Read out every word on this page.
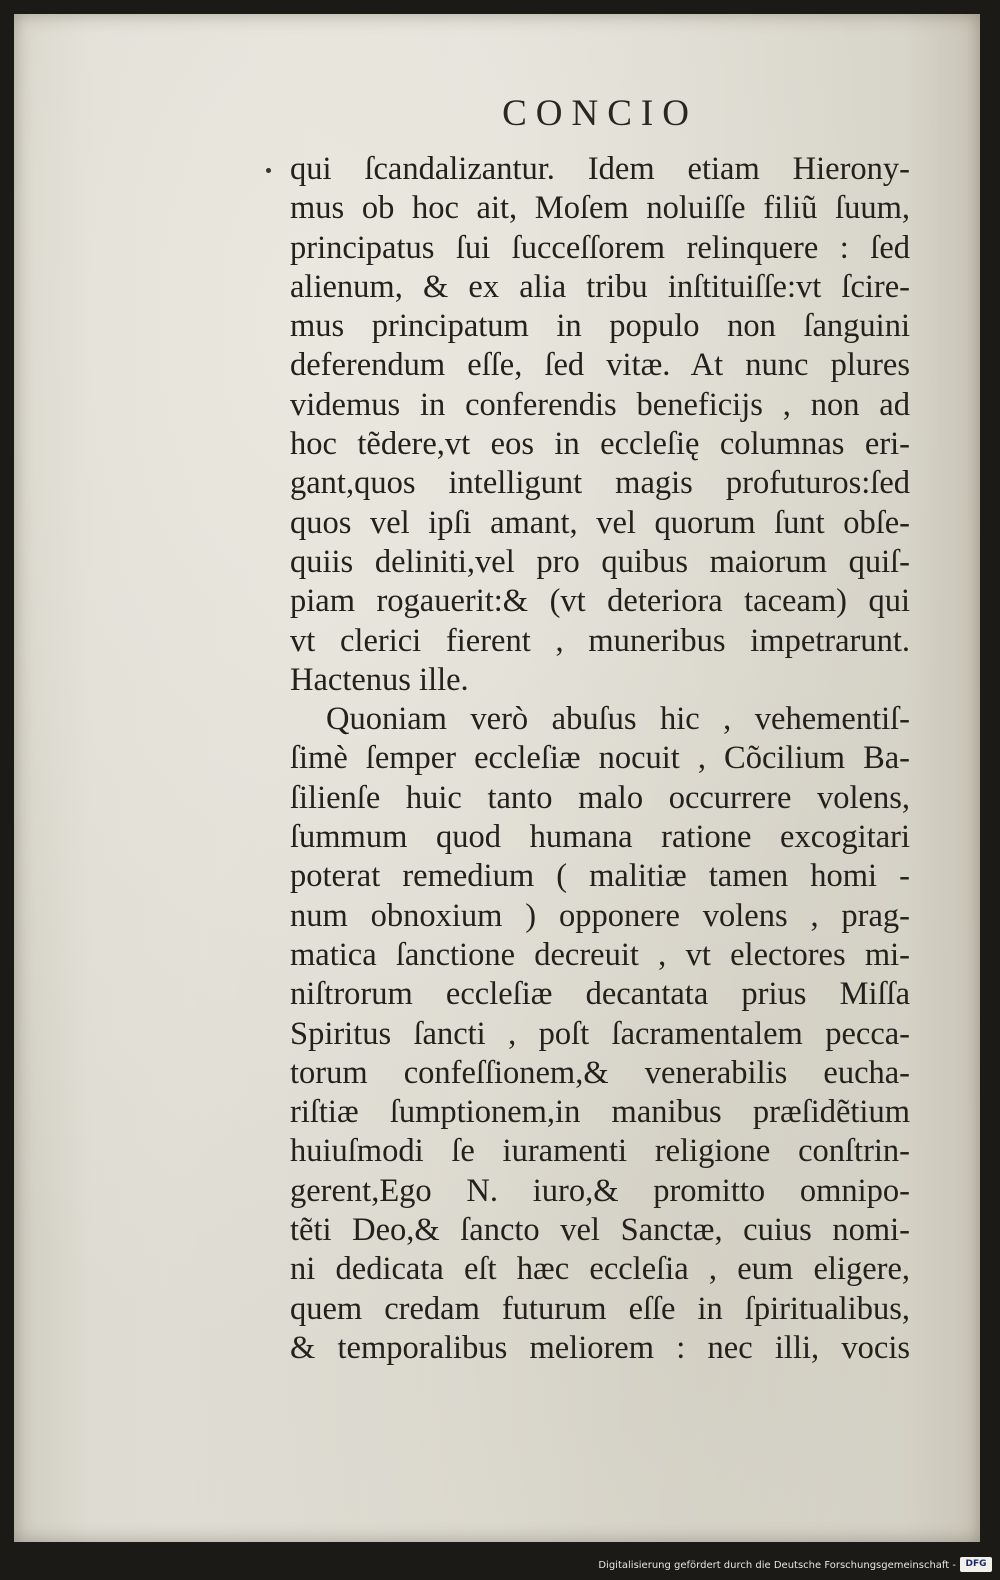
CONCIO
qui ſcandalizantur. Idem etiam Hierony-
mus ob hoc ait, Moſem noluiſſe filiũ ſuum,
principatus ſui ſucceſſorem relinquere : ſed
alienum, & ex alia tribu inſtituiſſe:vt ſcire-
mus principatum in populo non ſanguini
deferendum eſſe, ſed vitæ. At nunc plures
videmus in conferendis beneficijs , non ad
hoc tẽdere,vt eos in eccleſię columnas eri-
gant,quos intelligunt magis profuturos:ſed
quos vel ipſi amant, vel quorum ſunt obſe-
quiis deliniti,vel pro quibus maiorum quiſ-
piam rogauerit:& (vt deteriora taceam) qui
vt clerici fierent , muneribus impetrarunt.
Hactenus ille.
Quoniam verò abuſus hic , vehementiſ-
ſimè ſemper eccleſiæ nocuit , Cõcilium Ba-
ſilienſe huic tanto malo occurrere volens,
ſummum quod humana ratione excogitari
poterat remedium ( malitiæ tamen homi -
num obnoxium ) opponere volens , prag-
matica ſanctione decreuit , vt electores mi-
niſtrorum eccleſiæ decantata prius Miſſa
Spiritus ſancti , poſt ſacramentalem pecca-
torum confeſſionem,& venerabilis eucha-
riſtiæ ſumptionem,in manibus præſidẽtium
huiuſmodi ſe iuramenti religione conſtrin-
gerent,Ego N. iuro,& promitto omnipo-
tẽti Deo,& ſancto vel Sanctæ, cuius nomi-
ni dedicata eſt hæc eccleſia , eum eligere,
quem credam futurum eſſe in ſpiritualibus,
& temporalibus meliorem : nec illi, vocis
Digitalisierung gefördert durch die Deutsche Forschungsgemeinschaft -	DFG
